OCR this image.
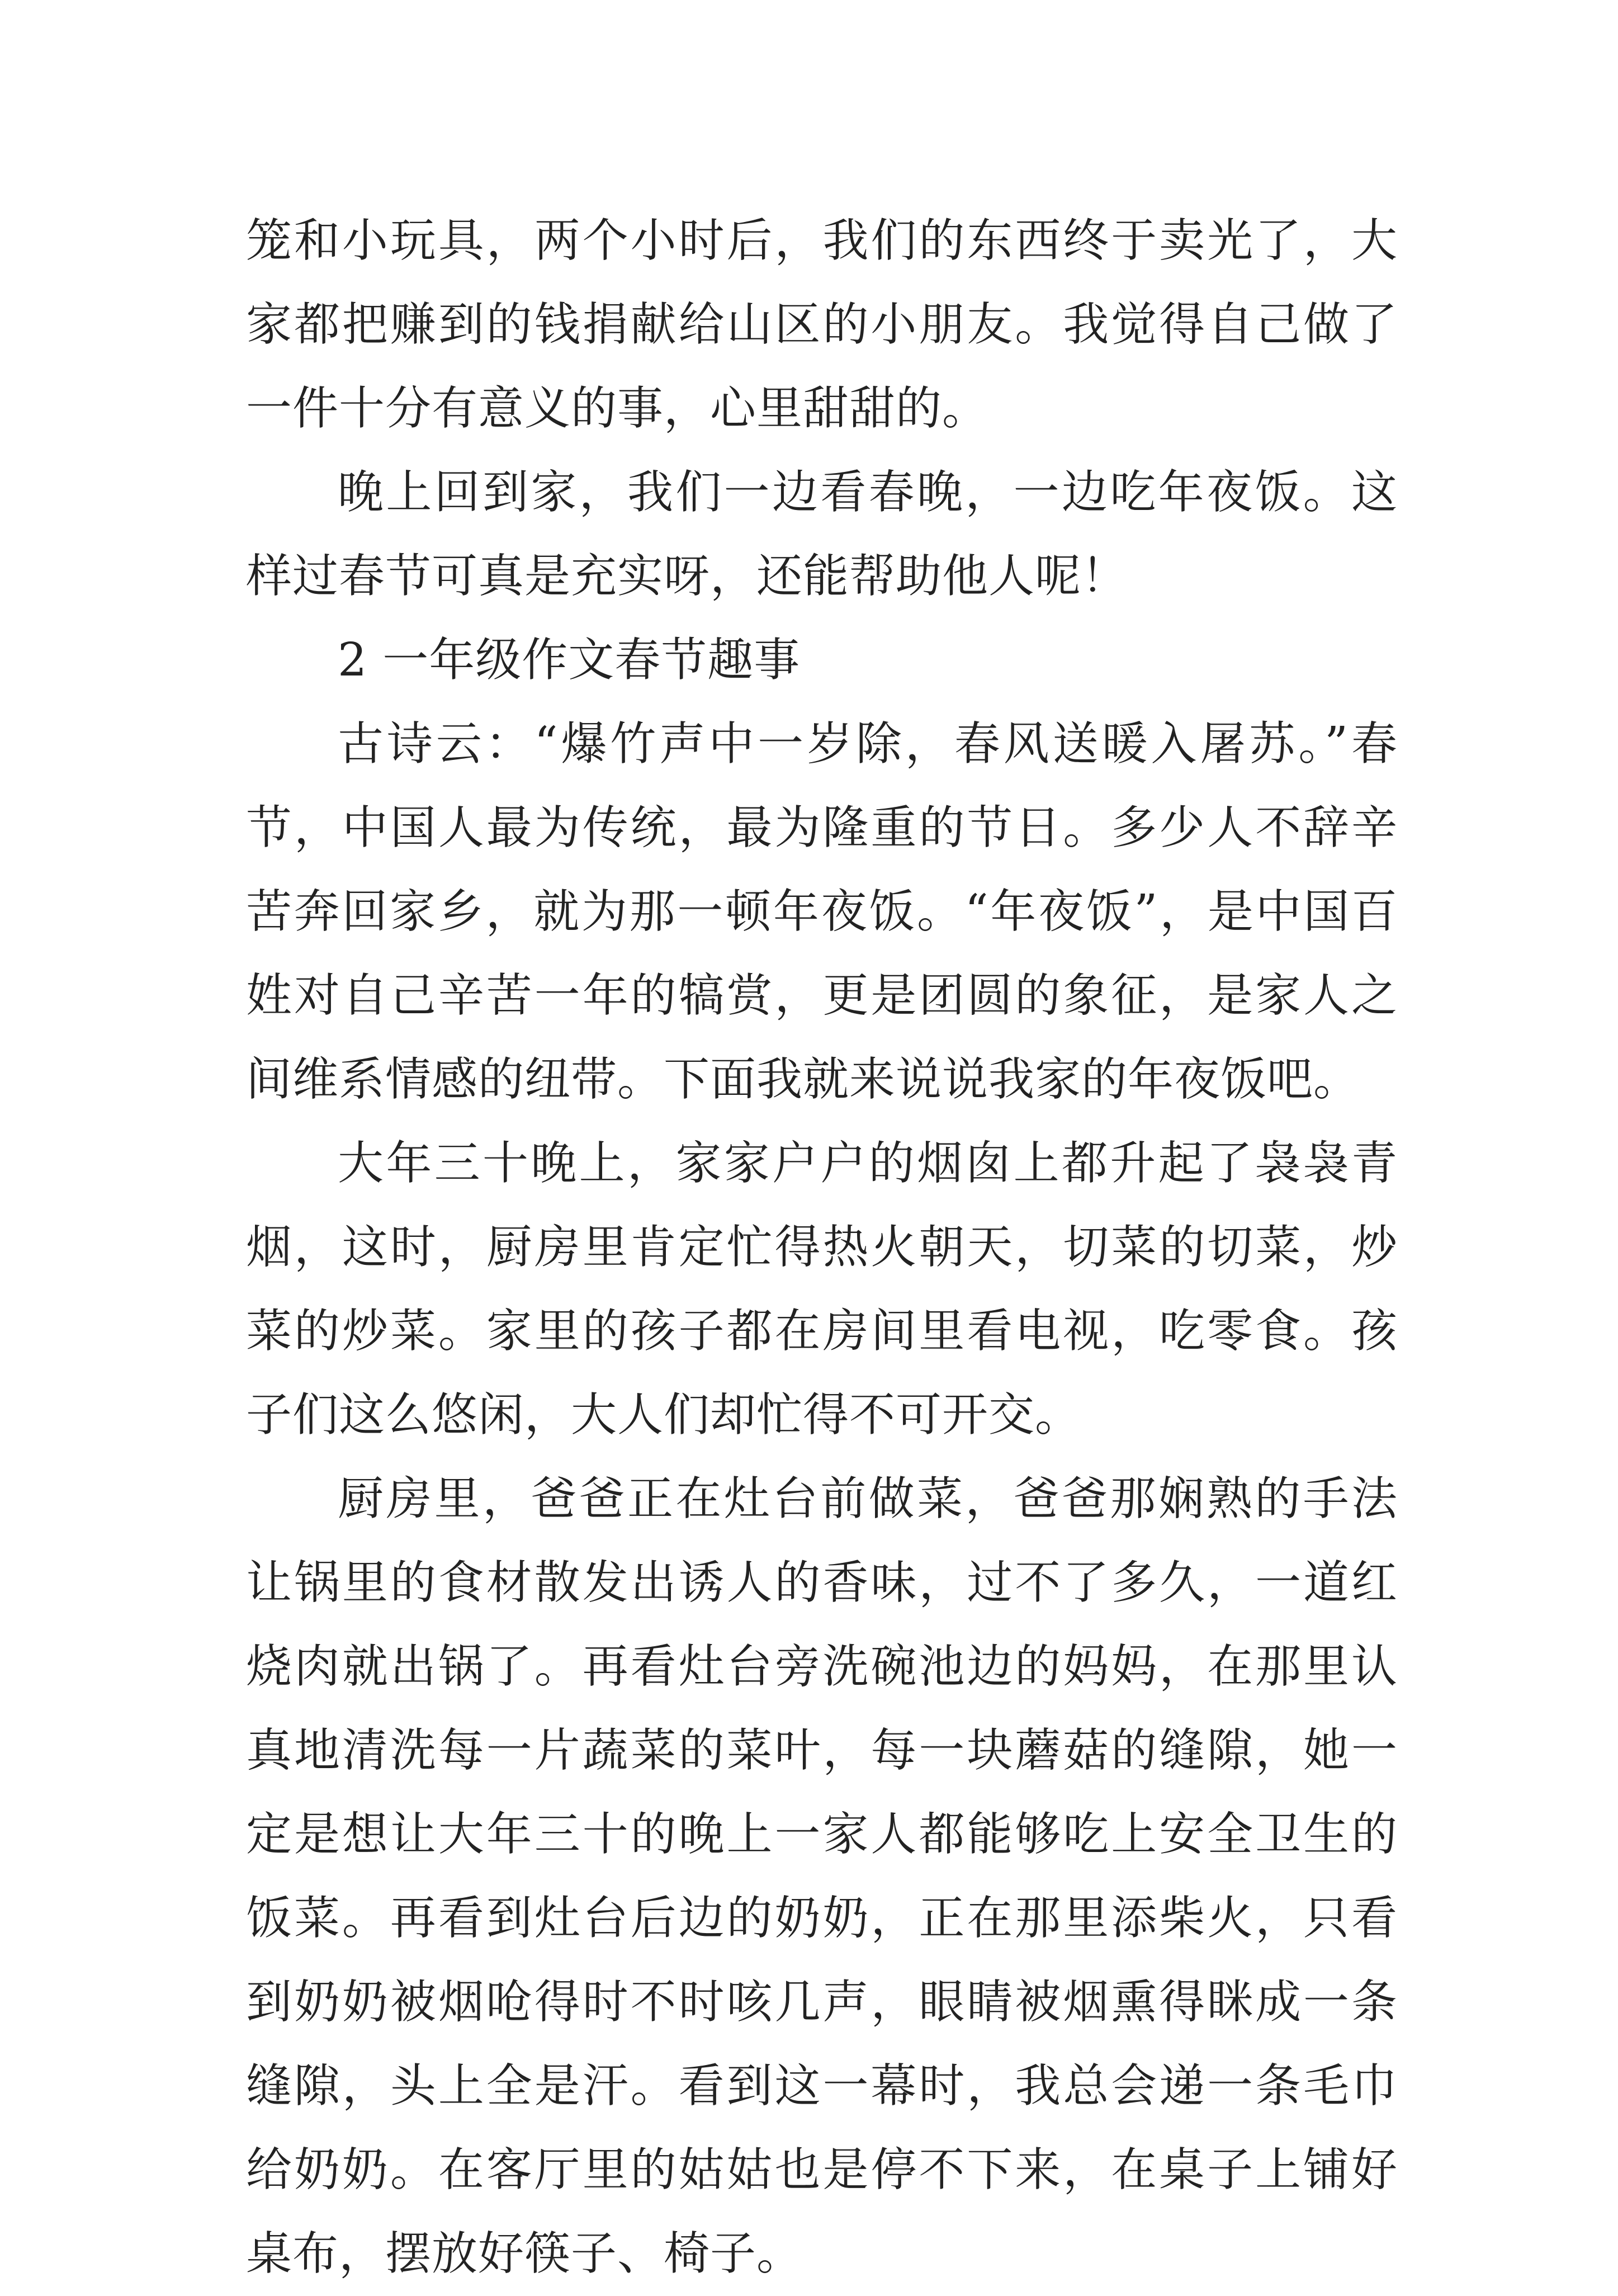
笼和小玩具，两个小时后，我们的东西终于卖光了，大家都把赚到的钱捐献给山区的小朋友。我觉得自己做了一件十分有意义的事，心里甜甜的。

晚上回到家，我们一边看春晚，一边吃年夜饭。这样过春节可真是充实呀，还能帮助他人呢！

2 一年级作文春节趣事

古诗云：“爆竹声中一岁除，春风送暖入屠苏。”春节，中国人最为传统，最为隆重的节日。多少人不辞辛苦奔回家乡，就为那一顿年夜饭。“年夜饭”，是中国百姓对自己辛苦一年的犒赏，更是团圆的象征，是家人之间维系情感的纽带。下面我就来说说我家的年夜饭吧。

大年三十晚上，家家户户的烟囱上都升起了袅袅青烟，这时，厨房里肯定忙得热火朝天，切菜的切菜，炒菜的炒菜。家里的孩子都在房间里看电视，吃零食。孩子们这么悠闲，大人们却忙得不可开交。

厨房里，爸爸正在灶台前做菜，爸爸那娴熟的手法让锅里的食材散发出诱人的香味，过不了多久，一道红烧肉就出锅了。再看灶台旁洗碗池边的妈妈，在那里认真地清洗每一片蔬菜的菜叶，每一块蘑菇的缝隙，她一定是想让大年三十的晚上一家人都能够吃上安全卫生的饭菜。再看到灶台后边的奶奶，正在那里添柴火，只看到奶奶被烟呛得时不时咳几声，眼睛被烟熏得眯成一条缝隙，头上全是汗。看到这一幕时，我总会递一条毛巾给奶奶。在客厅里的姑姑也是停不下来，在桌子上铺好桌布，摆放好筷子、椅子。
